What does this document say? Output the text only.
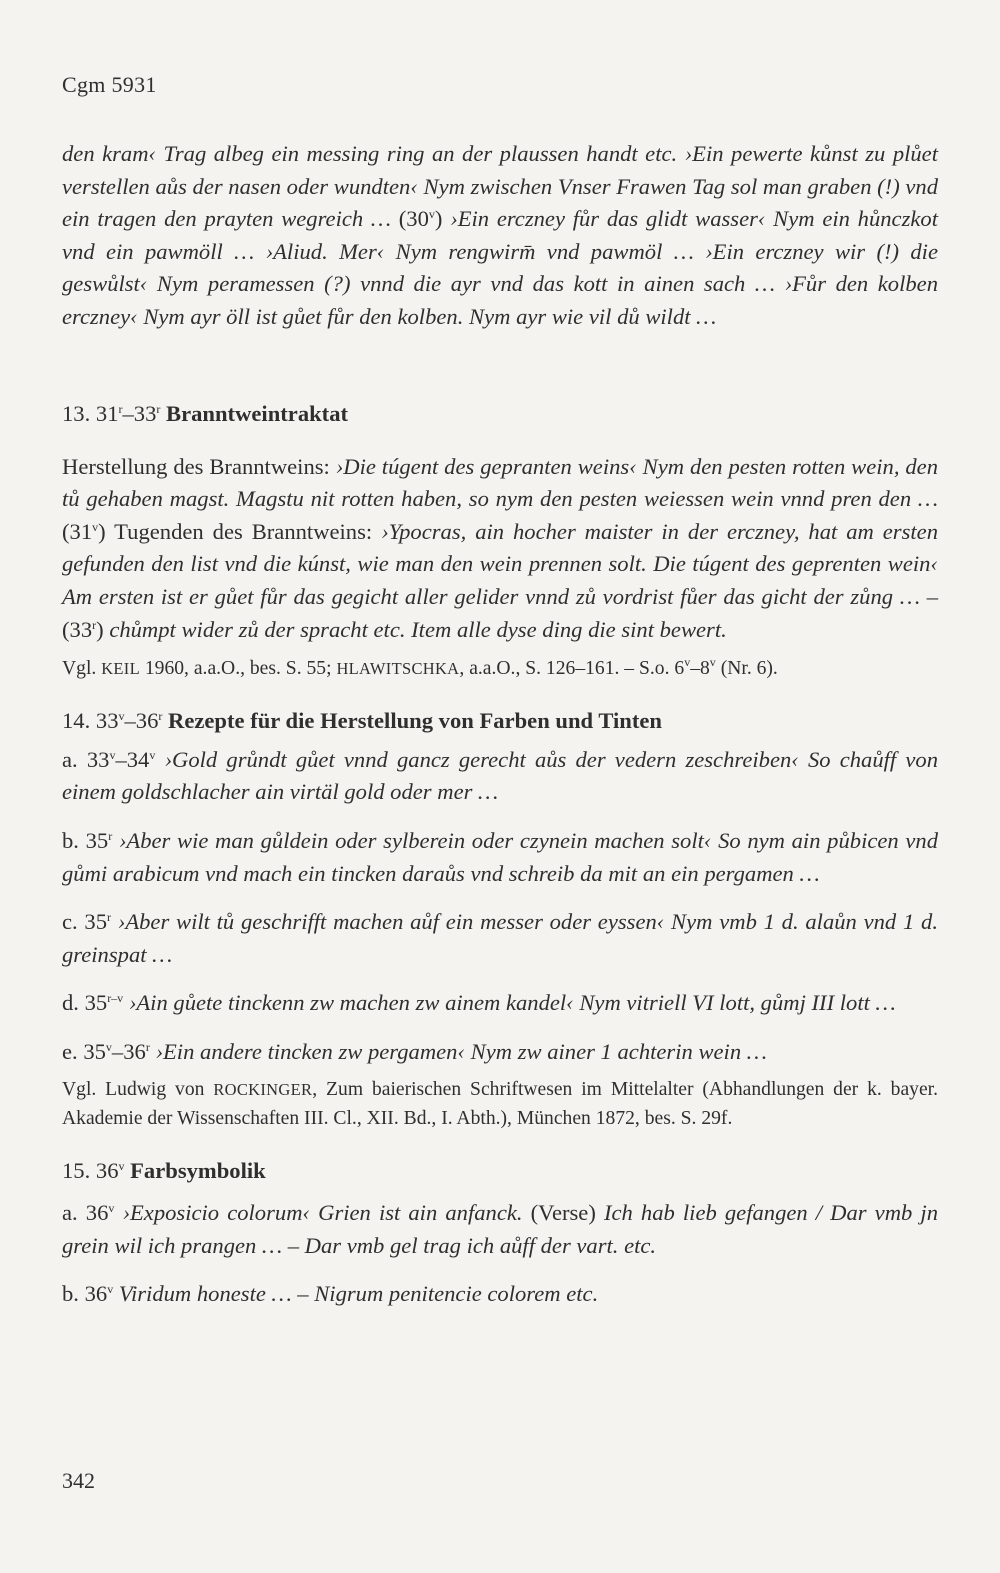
Cgm 5931

den kram‹ Trag albeg ein messing ring an der plaussen handt etc. ›Ein pewerte kůnst zu plůet verstellen aůs der nasen oder wundten‹ Nym zwischen Vnser Frawen Tag sol man graben (!) vnd ein tragen den prayten wegreich … (30$^v$) ›Ein erczney fůr das glidt wasser‹ Nym ein hůnczkot vnd ein pawmöll … ›Aliud. Mer‹ Nym rengwirm̄ vnd pawmöl … ›Ein erczney wir (!) die geswůlst‹ Nym peramessen (?) vnnd die ayr vnd das kott in ainen sach … ›Fůr den kolben erczney‹ Nym ayr öll ist gůet fůr den kolben. Nym ayr wie vil dů wildt …

13. 31$^r$–33$^r$ Branntweintraktat

Herstellung des Branntweins: ›Die túgent des gepranten weins‹ Nym den pesten rotten wein, den tů gehaben magst. Magstu nit rotten haben, so nym den pesten weiessen wein vnnd pren den … (31$^v$) Tugenden des Branntweins: ›Ypocras, ain hocher maister in der erczney, hat am ersten gefunden den list vnd die kúnst, wie man den wein prennen solt. Die túgent des geprenten wein‹ Am ersten ist er gůet fůr das gegicht aller gelider vnnd zů vordrist fůer das gicht der zůng … – (33$^r$) chůmpt wider zů der spracht etc. Item alle dyse ding die sint bewert.

Vgl. KEIL 1960, a.a.O., bes. S. 55; HLAWITSCHKA, a.a.O., S. 126–161. – S.o. 6$^v$–8$^v$ (Nr. 6).

14. 33$^v$–36$^r$ Rezepte für die Herstellung von Farben und Tinten

a. 33$^v$–34$^v$ ›Gold grůndt gůet vnnd gancz gerecht aůs der vedern zeschreiben‹ So chaůff von einem goldschlacher ain virtäl gold oder mer …

b. 35$^r$ ›Aber wie man gůldein oder sylberein oder czynein machen solt‹ So nym ain půbicen vnd gůmi arabicum vnd mach ein tincken daraůs vnd schreib da mit an ein pergamen …

c. 35$^r$ ›Aber wilt tů geschrifft machen aůf ein messer oder eyssen‹ Nym vmb 1 d. alaůn vnd 1 d. greinspat …

d. 35$^{r-v}$ ›Ain gůete tinckenn zw machen zw ainem kandel‹ Nym vitriell VI lott, gůmj III lott …

e. 35$^v$–36$^r$ ›Ein andere tincken zw pergamen‹ Nym zw ainer 1 achterin wein …

Vgl. Ludwig von ROCKINGER, Zum baierischen Schriftwesen im Mittelalter (Abhandlungen der k. bayer. Akademie der Wissenschaften III. Cl., XII. Bd., I. Abth.), München 1872, bes. S. 29f.

15. 36$^v$ Farbsymbolik

a. 36$^v$ ›Exposicio colorum‹ Grien ist ain anfanck. (Verse) Ich hab lieb gefangen / Dar vmb jn grein wil ich prangen … – Dar vmb gel trag ich aůff der vart. etc.

b. 36$^v$ Viridum honeste … – Nigrum penitencie colorem etc.

342
